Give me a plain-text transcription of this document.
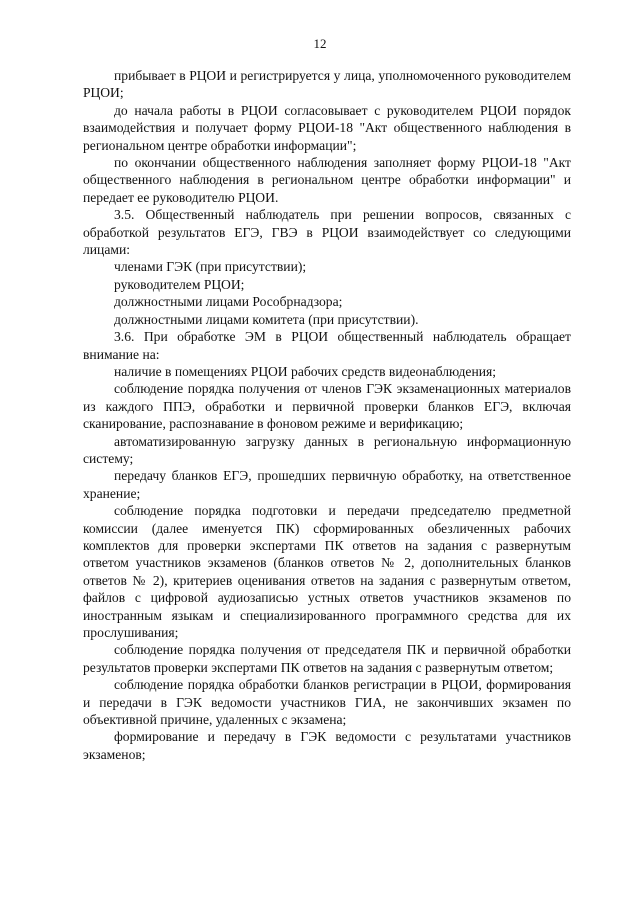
12

прибывает в РЦОИ и регистрируется у лица, уполномоченного руководителем РЦОИ;

до начала работы в РЦОИ согласовывает с руководителем РЦОИ порядок взаимодействия и получает форму РЦОИ-18 "Акт общественного наблюдения в региональном центре обработки информации";

по окончании общественного наблюдения заполняет форму РЦОИ-18 "Акт общественного наблюдения в региональном центре обработки информации" и передает ее руководителю РЦОИ.

3.5. Общественный наблюдатель при решении вопросов, связанных с обработкой результатов ЕГЭ, ГВЭ в РЦОИ взаимодействует со следующими лицами:

членами ГЭК (при присутствии);

руководителем РЦОИ;

должностными лицами Рособрнадзора;

должностными лицами комитета (при присутствии).

3.6. При обработке ЭМ в РЦОИ общественный наблюдатель обращает внимание на:

наличие в помещениях РЦОИ рабочих средств видеонаблюдения;

соблюдение порядка получения от членов ГЭК экзаменационных материалов из каждого ППЭ, обработки и первичной проверки бланков ЕГЭ, включая сканирование, распознавание в фоновом режиме и верификацию;

автоматизированную загрузку данных в региональную информационную систему;

передачу бланков ЕГЭ, прошедших первичную обработку, на ответственное хранение;

соблюдение порядка подготовки и передачи председателю предметной комиссии (далее именуется ПК) сформированных обезличенных рабочих комплектов для проверки экспертами ПК ответов на задания с развернутым ответом участников экзаменов (бланков ответов № 2, дополнительных бланков ответов № 2), критериев оценивания ответов на задания с развернутым ответом, файлов с цифровой аудиозаписью устных ответов участников экзаменов по иностранным языкам и специализированного программного средства для их прослушивания;

соблюдение порядка получения от председателя ПК и первичной обработки результатов проверки экспертами ПК ответов на задания с развернутым ответом;

соблюдение порядка обработки бланков регистрации в РЦОИ, формирования и передачи в ГЭК ведомости участников ГИА, не закончивших экзамен по объективной причине, удаленных с экзамена;

формирование и передачу в ГЭК ведомости с результатами участников экзаменов;
